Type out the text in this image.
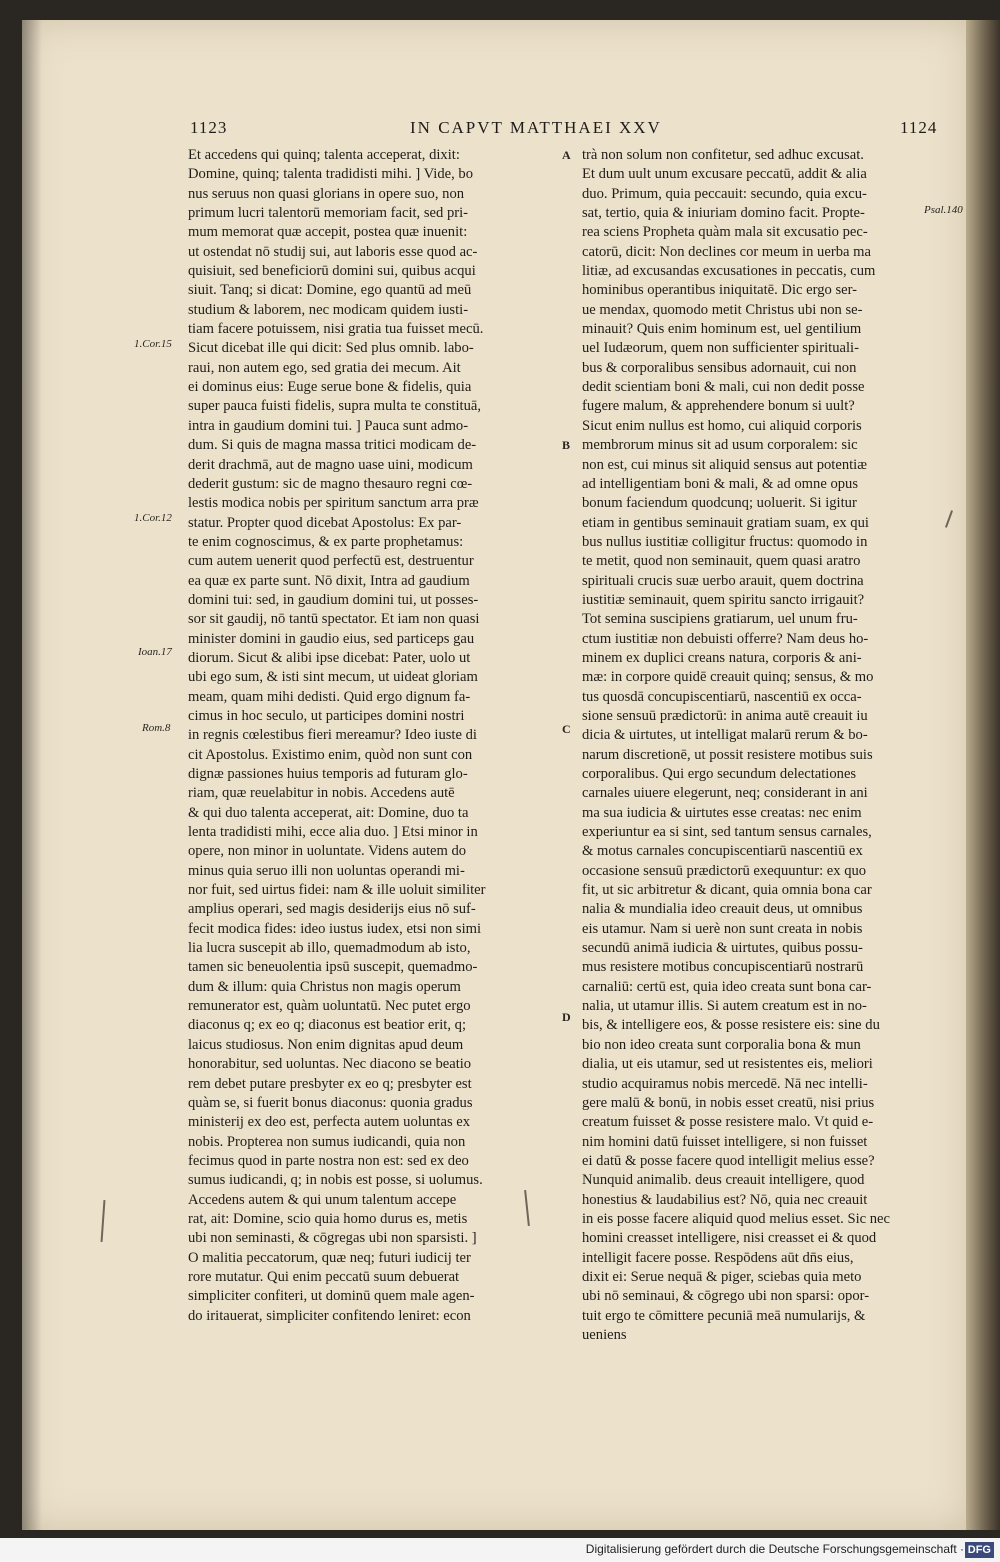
1123	IN CAPVT MATTHAEI XXV	1124
Et accedens qui quinq; talenta acceperat, dixit:
Domine, quinq; talenta tradidisti mihi. ] Vide, bo
nus seruus non quasi glorians in opere suo, non
primum lucri talentorū memoriam facit, sed pri-
mum memorat quæ accepit, postea quæ inuenit:
ut ostendat nō studij sui, aut laboris esse quod ac-
quisiuit, sed beneficiorū domini sui, quibus acqui
siuit. Tanq; si dicat: Domine, ego quantū ad meū
studium & laborem, nec modicam quidem iusti-
tiam facere potuissem, nisi gratia tua fuisset mecū.
Sicut dicebat ille qui dicit: Sed plus omnib. labo-
raui, non autem ego, sed gratia dei mecum. Ait
ei dominus eius: Euge serue bone & fidelis, quia
super pauca fuisti fidelis, supra multa te constituā,
intra in gaudium domini tui. ] Pauca sunt admo-
dum. Si quis de magna massa tritici modicam de-
derit drachmā, aut de magno uase uini, modicum
dederit gustum: sic de magno thesauro regni cœ-
lestis modica nobis per spiritum sanctum arra præ
statur. Propter quod dicebat Apostolus: Ex par-
te enim cognoscimus, & ex parte prophetamus:
cum autem uenerit quod perfectū est, destruentur
ea quæ ex parte sunt. Nō dixit, Intra ad gaudium
domini tui: sed, in gaudium domini tui, ut posses-
sor sit gaudij, nō tantū spectator. Et iam non quasi
minister domini in gaudio eius, sed particeps gau
diorum. Sicut & alibi ipse dicebat: Pater, uolo ut
ubi ego sum, & isti sint mecum, ut uideat gloriam
meam, quam mihi dedisti. Quid ergo dignum fa-
cimus in hoc seculo, ut participes domini nostri
in regnis cœlestibus fieri mereamur? Ideo iuste di
cit Apostolus. Existimo enim, quòd non sunt con
dignæ passiones huius temporis ad futuram glo-
riam, quæ reuelabitur in nobis. Accedens autē
& qui duo talenta acceperat, ait: Domine, duo ta
lenta tradidisti mihi, ecce alia duo. ] Etsi minor in
opere, non minor in uoluntate. Videns autem do
minus quia seruo illi non uoluntas operandi mi-
nor fuit, sed uirtus fidei: nam & ille uoluit similiter
amplius operari, sed magis desiderijs eius nō suf-
fecit modica fides: ideo iustus iudex, etsi non simi
lia lucra suscepit ab illo, quemadmodum ab isto,
tamen sic beneuolentia ipsū suscepit, quemadmo-
dum & illum: quia Christus non magis operum
remunerator est, quàm uoluntatū. Nec putet ergo
diaconus q; ex eo q; diaconus est beatior erit, q;
laicus studiosus. Non enim dignitas apud deum
honorabitur, sed uoluntas. Nec diacono se beatio
rem debet putare presbyter ex eo q; presbyter est
quàm se, si fuerit bonus diaconus: quonia gradus
ministerij ex deo est, perfecta autem uoluntas ex
nobis. Propterea non sumus iudicandi, quia non
fecimus quod in parte nostra non est: sed ex deo
sumus iudicandi, q; in nobis est posse, si uolumus.
Accedens autem & qui unum talentum accepe
rat, ait: Domine, scio quia homo durus es, metis
ubi non seminasti, & cōgregas ubi non sparsisti. ]
O malitia peccatorum, quæ neq; futuri iudicij ter
rore mutatur. Qui enim peccatū suum debuerat
simpliciter confiteri, ut dominū quem male agen-
do iritauerat, simpliciter confitendo leniret: econ
trà non solum non confitetur, sed adhuc excusat.
Et dum uult unum excusare peccatū, addit & alia
duo. Primum, quia peccauit: secundo, quia excu-
sat, tertio, quia & iniuriam domino facit. Propte-
rea sciens Propheta quàm mala sit excusatio pec-
catorū, dicit: Non declines cor meum in uerba ma
litiæ, ad excusandas excusationes in peccatis, cum
hominibus operantibus iniquitatē. Dic ergo ser-
ue mendax, quomodo metit Christus ubi non se-
minauit? Quis enim hominum est, uel gentilium
uel Iudæorum, quem non sufficienter spirituali-
bus & corporalibus sensibus adornauit, cui non
dedit scientiam boni & mali, cui non dedit posse
fugere malum, & apprehendere bonum si uult?
Sicut enim nullus est homo, cui aliquid corporis
membrorum minus sit ad usum corporalem: sic
non est, cui minus sit aliquid sensus aut potentiæ
ad intelligentiam boni & mali, & ad omne opus
bonum faciendum quodcunq; uoluerit. Si igitur
etiam in gentibus seminauit gratiam suam, ex qui
bus nullus iustitiæ colligitur fructus: quomodo in
te metit, quod non seminauit, quem quasi aratro
spirituali crucis suæ uerbo arauit, quem doctrina
iustitiæ seminauit, quem spiritu sancto irrigauit?
Tot semina suscipiens gratiarum, uel unum fru-
ctum iustitiæ non debuisti offerre? Nam deus ho-
minem ex duplici creans natura, corporis & ani-
mæ: in corpore quidē creauit quinq; sensus, & mo
tus quosdā concupiscentiarū, nascentiū ex occa-
sione sensuū prædictorū: in anima autē creauit iu
dicia & uirtutes, ut intelligat malarū rerum & bo-
narum discretionē, ut possit resistere motibus suis
corporalibus. Qui ergo secundum delectationes
carnales uiuere elegerunt, neq; considerant in ani
ma sua iudicia & uirtutes esse creatas: nec enim
experiuntur ea si sint, sed tantum sensus carnales,
& motus carnales concupiscentiarū nascentiū ex
occasione sensuū prædictorū exequuntur: ex quo
fit, ut sic arbitretur & dicant, quia omnia bona car
nalia & mundialia ideo creauit deus, ut omnibus
eis utamur. Nam si uerè non sunt creata in nobis
secundū animā iudicia & uirtutes, quibus possu-
mus resistere motibus concupiscentiarū nostrarū
carnaliū: certū est, quia ideo creata sunt bona car-
nalia, ut utamur illis. Si autem creatum est in no-
bis, & intelligere eos, & posse resistere eis: sine du
bio non ideo creata sunt corporalia bona & mun
dialia, ut eis utamur, sed ut resistentes eis, meliori
studio acquiramus nobis mercedē. Nā nec intelli-
gere malū & bonū, in nobis esset creatū, nisi prius
creatum fuisset & posse resistere malo. Vt quid e-
nim homini datū fuisset intelligere, si non fuisset
ei datū & posse facere quod intelligit melius esse?
Nunquid animalib. deus creauit intelligere, quod
honestius & laudabilius est? Nō, quia nec creauit
in eis posse facere aliquid quod melius esset. Sic nec
homini creasset intelligere, nisi creasset ei & quod
intelligit facere posse. Respōdens aūt dn̄s eius,
dixit ei: Serue nequā & piger, sciebas quia meto
ubi nō seminaui, & cōgrego ubi non sparsi: opor-
tuit ergo te cōmittere pecuniā meā numularijs, &
ueniens
1.Cor.15
1.Cor.12
Ioan.17
Rom.8
Psal.140
A
B
C
D
Digitalisierung gefördert durch die Deutsche Forschungsgemeinschaft · DFG
